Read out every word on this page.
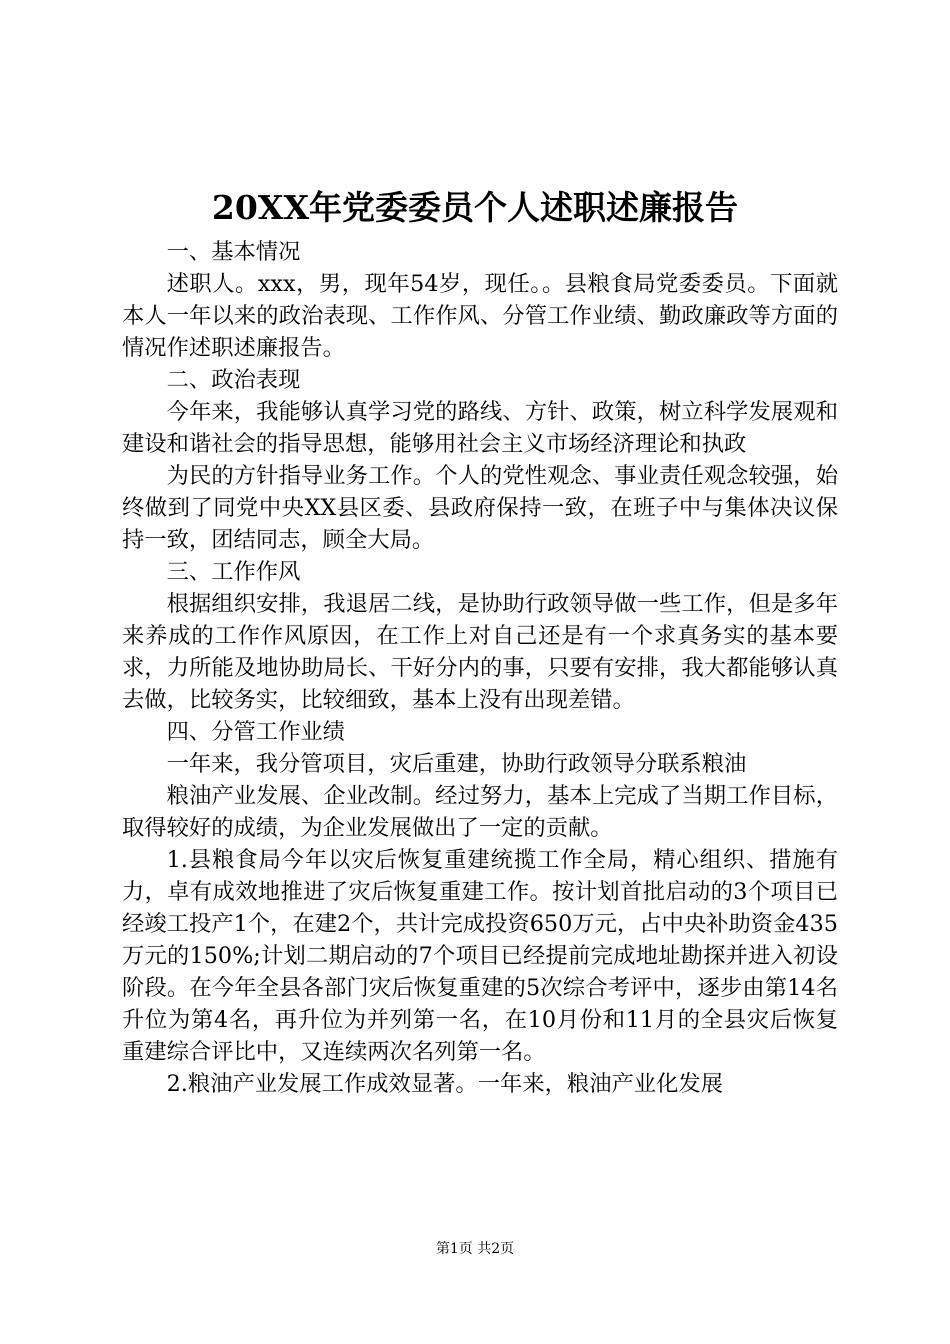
20XX年党委委员个人述职述廉报告
一、基本情况
述职人。xxx，男，现年54岁，现任。。县粮食局党委委员。下面就本人一年以来的政治表现、工作作风、分管工作业绩、勤政廉政等方面的情况作述职述廉报告。
二、政治表现
今年来，我能够认真学习党的路线、方针、政策，树立科学发展观和建设和谐社会的指导思想，能够用社会主义市场经济理论和执政
为民的方针指导业务工作。个人的党性观念、事业责任观念较强，始终做到了同党中央XX县区委、县政府保持一致，在班子中与集体决议保持一致，团结同志，顾全大局。
三、工作作风
根据组织安排，我退居二线，是协助行政领导做一些工作，但是多年来养成的工作作风原因，在工作上对自己还是有一个求真务实的基本要求，力所能及地协助局长、干好分内的事，只要有安排，我大都能够认真去做，比较务实，比较细致，基本上没有出现差错。
四、分管工作业绩
一年来，我分管项目，灾后重建，协助行政领导分联系粮油
粮油产业发展、企业改制。经过努力，基本上完成了当期工作目标，取得较好的成绩，为企业发展做出了一定的贡献。
1.县粮食局今年以灾后恢复重建统揽工作全局，精心组织、措施有力，卓有成效地推进了灾后恢复重建工作。按计划首批启动的3个项目已经竣工投产1个，在建2个，共计完成投资650万元，占中央补助资金435万元的150%;计划二期启动的7个项目已经提前完成地址勘探并进入初设阶段。在今年全县各部门灾后恢复重建的5次综合考评中，逐步由第14名升位为第4名，再升位为并列第一名，在10月份和11月的全县灾后恢复重建综合评比中，又连续两次名列第一名。
2.粮油产业发展工作成效显著。一年来，粮油产业化发展
第1页 共2页
